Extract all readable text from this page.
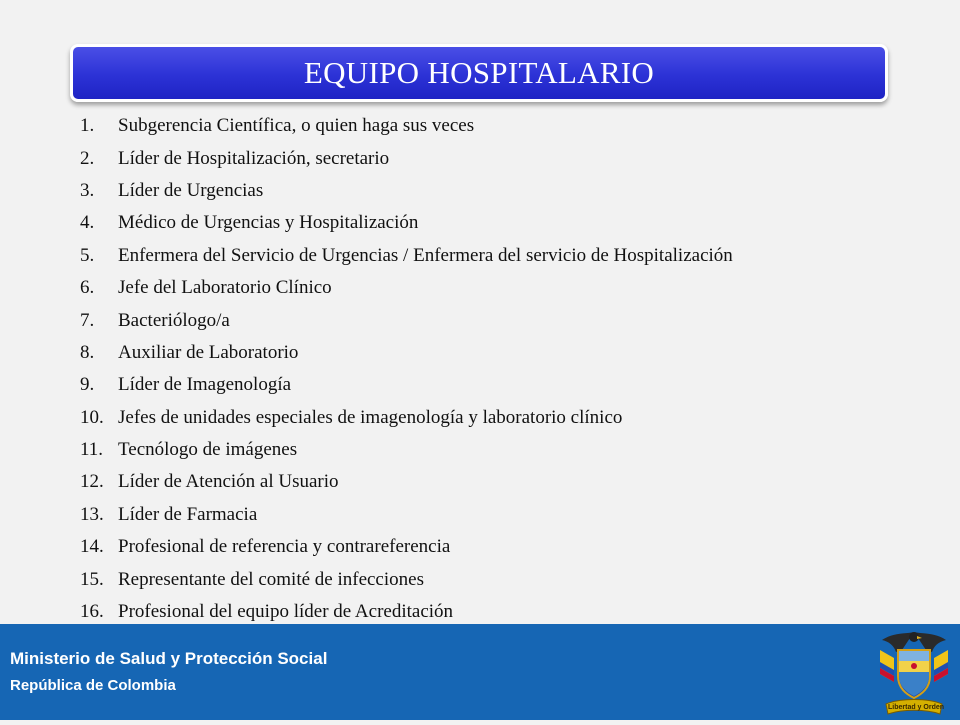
EQUIPO HOSPITALARIO
1.	Subgerencia Científica, o quien haga sus veces
2.	Líder de Hospitalización, secretario
3.	Líder de Urgencias
4.	Médico de Urgencias y Hospitalización
5.	Enfermera del Servicio de Urgencias / Enfermera del servicio de Hospitalización
6.	Jefe del Laboratorio Clínico
7.	Bacteriólogo/a
8.	Auxiliar de Laboratorio
9.	Líder de Imagenología
10. Jefes de unidades especiales de imagenología y laboratorio clínico
11. Tecnólogo de imágenes
12. Líder de Atención al Usuario
13. Líder de Farmacia
14. Profesional de referencia y contrareferencia
15. Representante del comité de infecciones
16. Profesional del equipo líder de Acreditación
Ministerio de Salud y Protección Social
República de Colombia
Libertad y Orden
